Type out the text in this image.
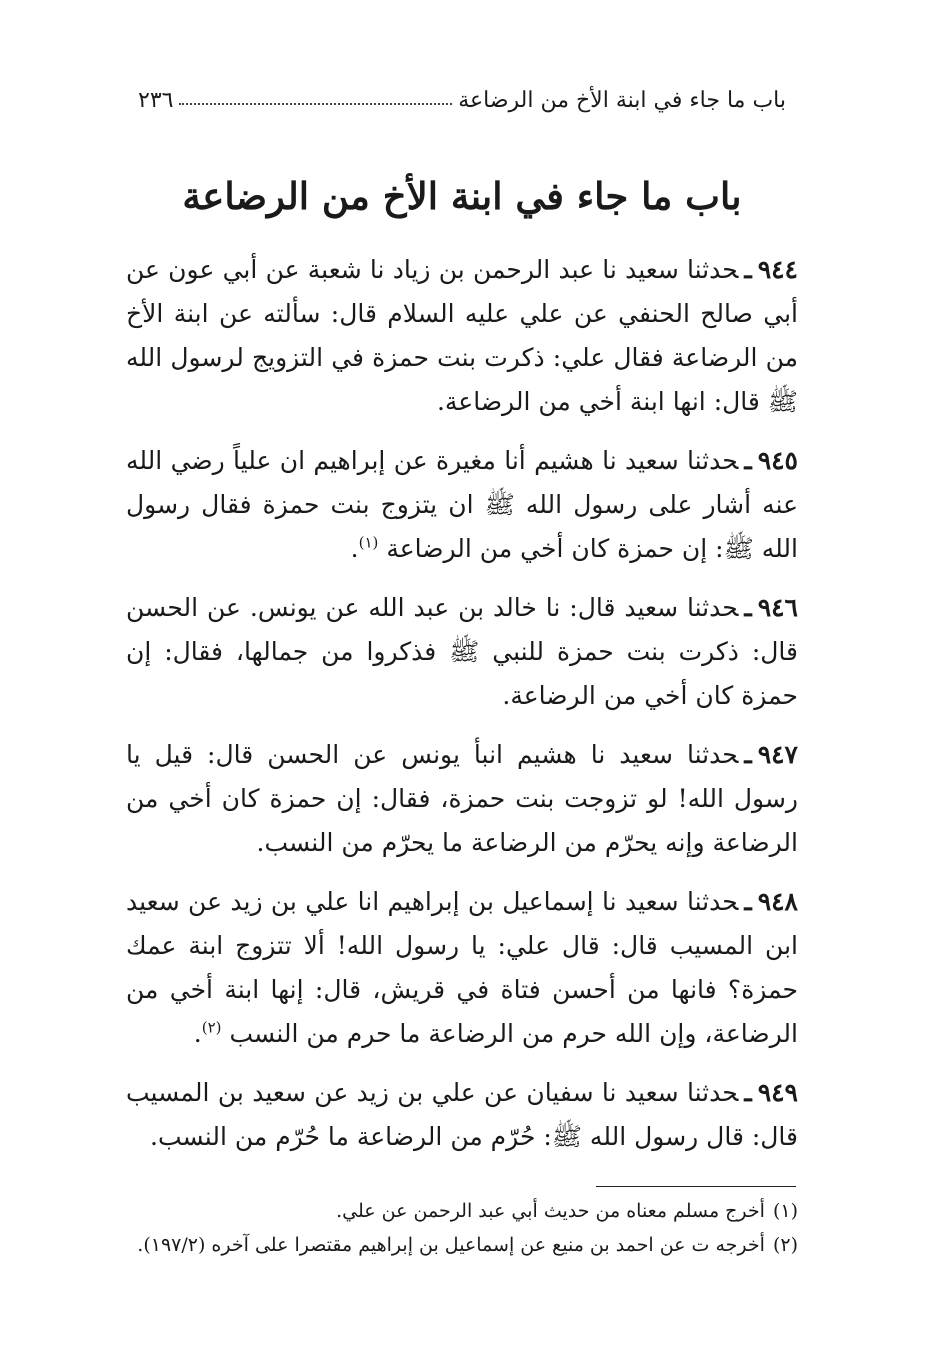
باب ما جاء في ابنة الأخ من الرضاعة
٢٣٦
باب ما جاء في ابنة الأخ من الرضاعة

٩٤٤ـحدثنا سعيد نا عبد الرحمن بن زياد نا شعبة عن أبي عون عن أبي صالح الحنفي عن علي عليه السلام قال: سألته عن ابنة الأخ من الرضاعة فقال علي: ذكرت بنت حمزة في التزويج لرسول الله ﷺ قال: انها ابنة أخي من الرضاعة.

٩٤٥ـحدثنا سعيد نا هشيم أنا مغيرة عن إبراهيم ان علياً رضي الله عنه أشار على رسول الله ﷺ ان يتزوج بنت حمزة فقال رسول الله ﷺ: إن حمزة كان أخي من الرضاعة $^{(١)}$.

٩٤٦ـحدثنا سعيد قال: نا خالد بن عبد الله عن يونس. عن الحسن قال: ذكرت بنت حمزة للنبي ﷺ فذكروا من جمالها، فقال: إن حمزة كان أخي من الرضاعة.

٩٤٧ـحدثنا سعيد نا هشيم انبأ يونس عن الحسن قال: قيل يا رسول الله! لو تزوجت بنت حمزة، فقال: إن حمزة كان أخي من الرضاعة وإنه يحرّم من الرضاعة ما يحرّم من النسب.

٩٤٨ـحدثنا سعيد نا إسماعيل بن إبراهيم انا علي بن زيد عن سعيد ابن المسيب قال: قال علي: يا رسول الله! ألا تتزوج ابنة عمك حمزة؟ فانها من أحسن فتاة في قريش، قال: إنها ابنة أخي من الرضاعة، وإن الله حرم من الرضاعة ما حرم من النسب $^{(٢)}$.

٩٤٩ـحدثنا سعيد نا سفيان عن علي بن زيد عن سعيد بن المسيب قال: قال رسول الله ﷺ: حُرّم من الرضاعة ما حُرّم من النسب.

(١)أخرج مسلم معناه من حديث أبي عبد الرحمن عن علي.

(٢)أخرجه ت عن احمد بن منيع عن إسماعيل بن إبراهيم مقتصرا على آخره (١٩٧/٢).
